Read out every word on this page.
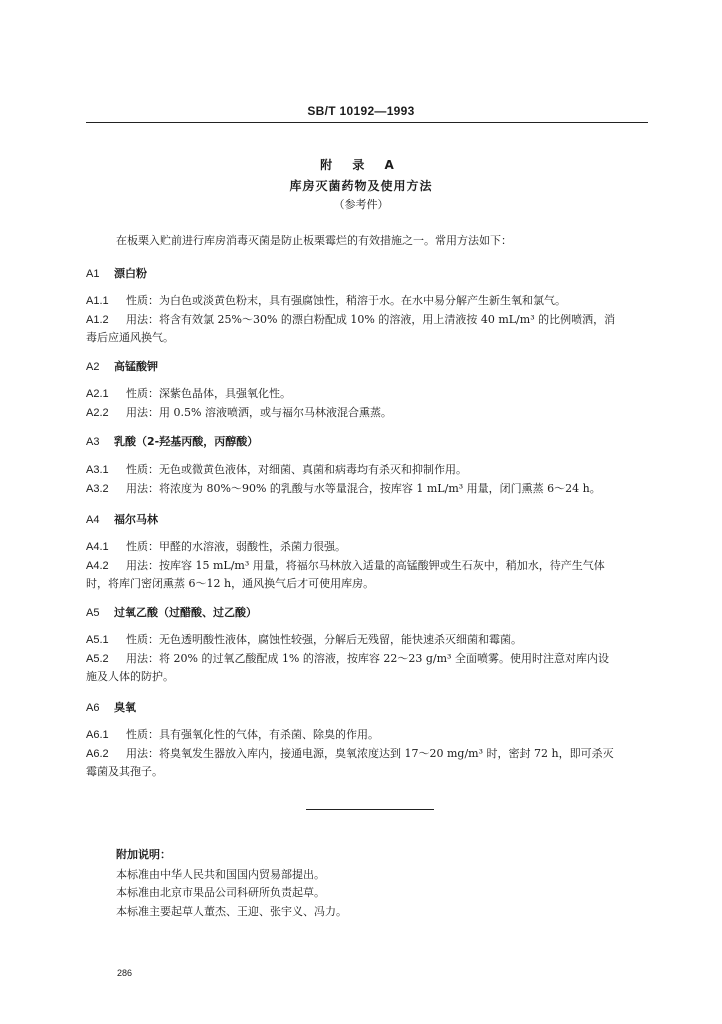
SB/T 10192—1993
附 录 A
库房灭菌药物及使用方法
（参考件）
在板栗入贮前进行库房消毒灭菌是防止板栗霉烂的有效措施之一。常用方法如下：
A1 漂白粉
A1.1 性质：为白色或淡黄色粉末，具有强腐蚀性，稍溶于水。在水中易分解产生新生氧和氯气。
A1.2 用法：将含有效氯 25%～30% 的漂白粉配成 10% 的溶液，用上清液按 40 mL/m³ 的比例喷洒，消
毒后应通风换气。
A2 高锰酸钾
A2.1 性质：深紫色晶体，具强氧化性。
A2.2 用法：用 0.5% 溶液喷洒，或与福尔马林液混合熏蒸。
A3 乳酸（2-羟基丙酸，丙醇酸）
A3.1 性质：无色或微黄色液体，对细菌、真菌和病毒均有杀灭和抑制作用。
A3.2 用法：将浓度为 80%～90% 的乳酸与水等量混合，按库容 1 mL/m³ 用量，闭门熏蒸 6～24 h。
A4 福尔马林
A4.1 性质：甲醛的水溶液，弱酸性，杀菌力很强。
A4.2 用法：按库容 15 mL/m³ 用量，将福尔马林放入适量的高锰酸钾或生石灰中，稍加水，待产生气体
时，将库门密闭熏蒸 6～12 h，通风换气后才可使用库房。
A5 过氧乙酸（过醋酸、过乙酸）
A5.1 性质：无色透明酸性液体，腐蚀性较强，分解后无残留，能快速杀灭细菌和霉菌。
A5.2 用法：将 20% 的过氧乙酸配成 1% 的溶液，按库容 22～23 g/m³ 全面喷雾。使用时注意对库内设
施及人体的防护。
A6 臭氧
A6.1 性质：具有强氧化性的气体，有杀菌、除臭的作用。
A6.2 用法：将臭氧发生器放入库内，接通电源，臭氧浓度达到 17～20 mg/m³ 时，密封 72 h，即可杀灭
霉菌及其孢子。
附加说明：
本标准由中华人民共和国国内贸易部提出。
本标准由北京市果品公司科研所负责起草。
本标准主要起草人董杰、王迎、张宇义、冯力。
286
